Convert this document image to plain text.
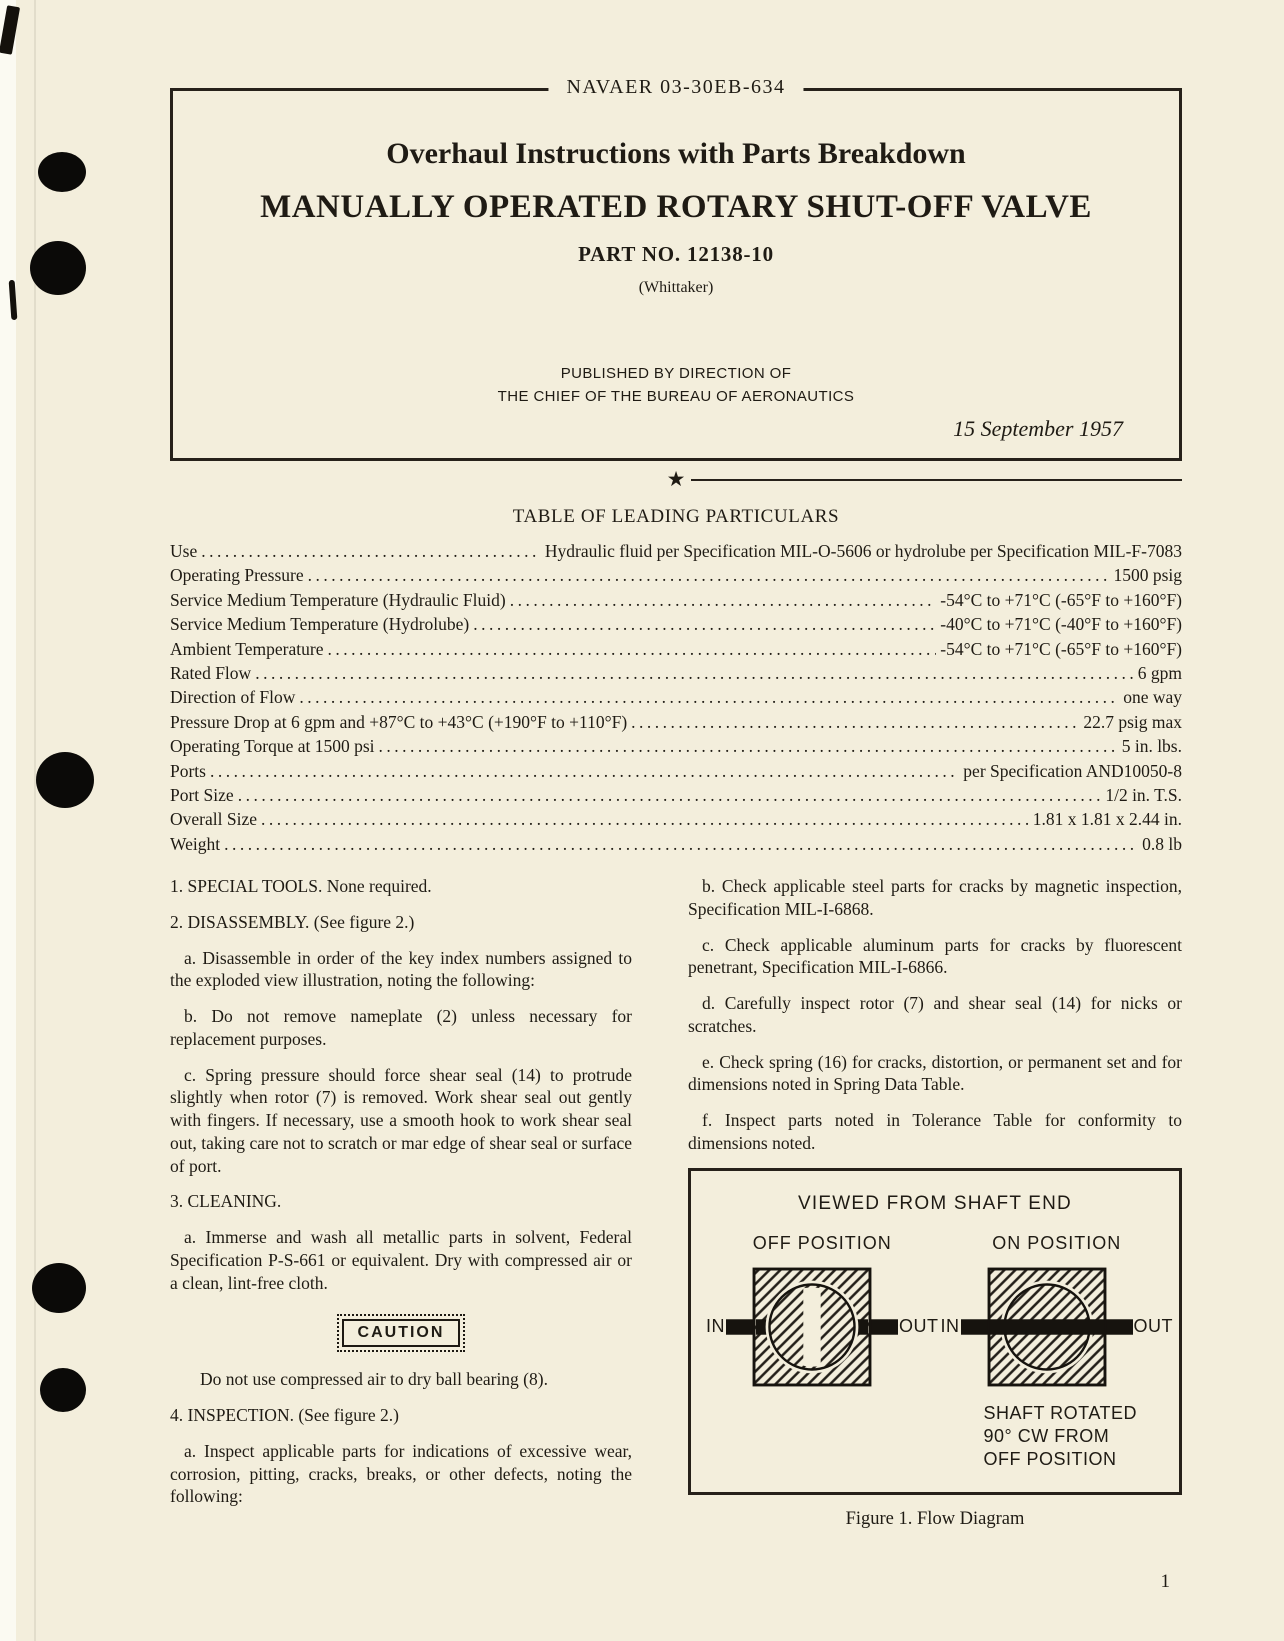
NAVAER 03-30EB-634
Overhaul Instructions with Parts Breakdown
MANUALLY OPERATED ROTARY SHUT-OFF VALVE
PART NO. 12138-10
(Whittaker)
PUBLISHED BY DIRECTION OF
THE CHIEF OF THE BUREAU OF AERONAUTICS
15 September 1957
★
TABLE OF LEADING PARTICULARS
Use .....	Hydraulic fluid per Specification MIL-O-5606 or hydrolube per Specification MIL-F-7083
Operating Pressure .....	1500 psig
Service Medium Temperature (Hydraulic Fluid) .....	-54°C to +71°C (-65°F to +160°F)
Service Medium Temperature (Hydrolube) .....	-40°C to +71°C (-40°F to +160°F)
Ambient Temperature .....	-54°C to +71°C (-65°F to +160°F)
Rated Flow .....	6 gpm
Direction of Flow .....	one way
Pressure Drop at 6 gpm and +87°C to +43°C (+190°F to +110°F) .....	22.7 psig max
Operating Torque at 1500 psi .....	5 in. lbs.
Ports .....	per Specification AND10050-8
Port Size .....	1/2 in. T.S.
Overall Size .....	1.81 x 1.81 x 2.44 in.
Weight .....	0.8 lb

1. SPECIAL TOOLS. None required.

2. DISASSEMBLY. (See figure 2.)

a. Disassemble in order of the key index numbers assigned to the exploded view illustration, noting the following:

b. Do not remove nameplate (2) unless necessary for replacement purposes.

c. Spring pressure should force shear seal (14) to protrude slightly when rotor (7) is removed. Work shear seal out gently with fingers. If necessary, use a smooth hook to work shear seal out, taking care not to scratch or mar edge of shear seal or surface of port.

3. CLEANING.

a. Immerse and wash all metallic parts in solvent, Federal Specification P-S-661 or equivalent. Dry with compressed air or a clean, lint-free cloth.

CAUTION

Do not use compressed air to dry ball bearing (8).

4. INSPECTION. (See figure 2.)

a. Inspect applicable parts for indications of excessive wear, corrosion, pitting, cracks, breaks, or other defects, noting the following:

b. Check applicable steel parts for cracks by magnetic inspection, Specification MIL-I-6868.

c. Check applicable aluminum parts for cracks by fluorescent penetrant, Specification MIL-I-6866.

d. Carefully inspect rotor (7) and shear seal (14) for nicks or scratches.

e. Check spring (16) for cracks, distortion, or permanent set and for dimensions noted in Spring Data Table.

f. Inspect parts noted in Tolerance Table for conformity to dimensions noted.

VIEWED FROM SHAFT END
OFF POSITION
IN	OUT
ON POSITION
IN	OUT
SHAFT ROTATED
90° CW FROM
OFF POSITION
Figure 1. Flow Diagram
1
